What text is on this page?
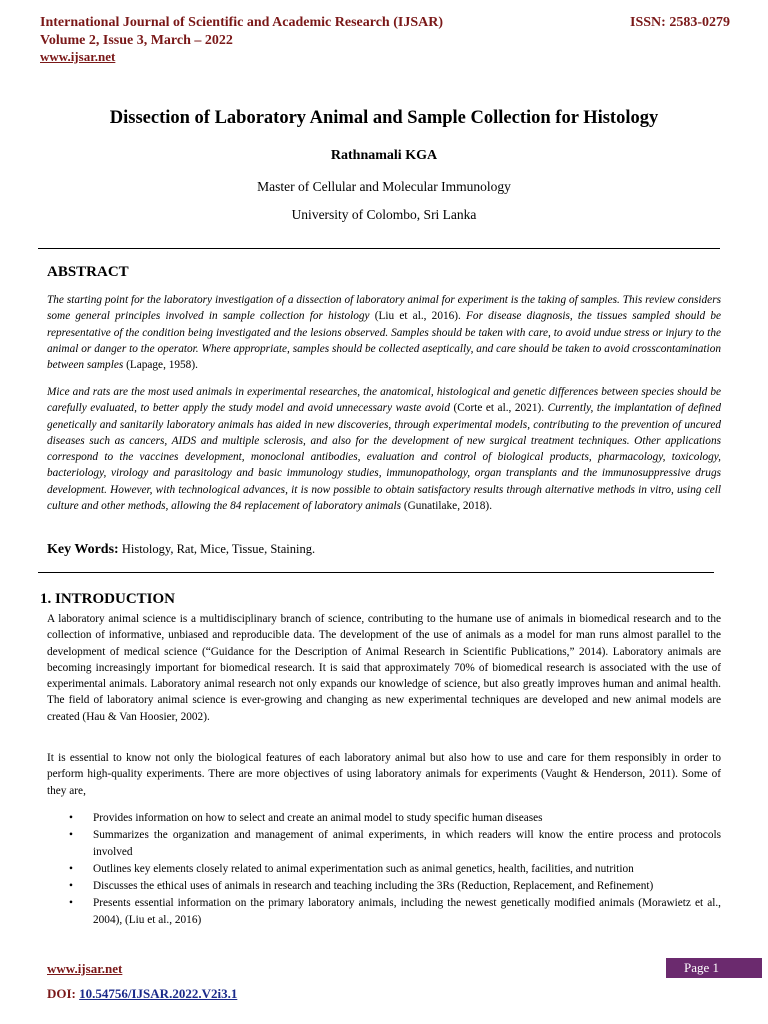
International Journal of Scientific and Academic Research (IJSAR)	ISSN: 2583-0279
Volume 2, Issue 3, March – 2022
www.ijsar.net
Dissection of Laboratory Animal and Sample Collection for Histology
Rathnamali KGA
Master of Cellular and Molecular Immunology
University of Colombo, Sri Lanka
ABSTRACT

The starting point for the laboratory investigation of a dissection of laboratory animal for experiment is the taking of samples. This review considers some general principles involved in sample collection for histology (Liu et al., 2016). For disease diagnosis, the tissues sampled should be representative of the condition being investigated and the lesions observed. Samples should be taken with care, to avoid undue stress or injury to the animal or danger to the operator. Where appropriate, samples should be collected aseptically, and care should be taken to avoid crosscontamination between samples (Lapage, 1958).

Mice and rats are the most used animals in experimental researches, the anatomical, histological and genetic differences between species should be carefully evaluated, to better apply the study model and avoid unnecessary waste avoid (Corte et al., 2021). Currently, the implantation of defined genetically and sanitarily laboratory animals has aided in new discoveries, through experimental models, contributing to the prevention of uncured diseases such as cancers, AIDS and multiple sclerosis, and also for the development of new surgical treatment techniques. Other applications correspond to the vaccines development, monoclonal antibodies, evaluation and control of biological products, pharmacology, toxicology, bacteriology, virology and parasitology and basic immunology studies, immunopathology, organ transplants and the immunosuppressive drugs development. However, with technological advances, it is now possible to obtain satisfactory results through alternative methods in vitro, using cell culture and other methods, allowing the 84 replacement of laboratory animals (Gunatilake, 2018).

Key Words: Histology, Rat, Mice, Tissue, Staining.
1. INTRODUCTION

A laboratory animal science is a multidisciplinary branch of science, contributing to the humane use of animals in biomedical research and to the collection of informative, unbiased and reproducible data. The development of the use of animals as a model for man runs almost parallel to the development of medical science (“Guidance for the Description of Animal Research in Scientific Publications,” 2014). Laboratory animals are becoming increasingly important for biomedical research. It is said that approximately 70% of biomedical research is associated with the use of experimental animals. Laboratory animal research not only expands our knowledge of science, but also greatly improves human and animal health. The field of laboratory animal science is ever-growing and changing as new experimental techniques are developed and new animal models are created (Hau & Van Hoosier, 2002).

It is essential to know not only the biological features of each laboratory animal but also how to use and care for them responsibly in order to perform high-quality experiments. There are more objectives of using laboratory animals for experiments (Vaught & Henderson, 2011). Some of they are,

• Provides information on how to select and create an animal model to study specific human diseases
• Summarizes the organization and management of animal experiments, in which readers will know the entire process and protocols involved
• Outlines key elements closely related to animal experimentation such as animal genetics, health, facilities, and nutrition
• Discusses the ethical uses of animals in research and teaching including the 3Rs (Reduction, Replacement, and Refinement)
• Presents essential information on the primary laboratory animals, including the newest genetically modified animals (Morawietz et al., 2004), (Liu et al., 2016)
www.ijsar.net	Page 1
DOI: 10.54756/IJSAR.2022.V2i3.1
